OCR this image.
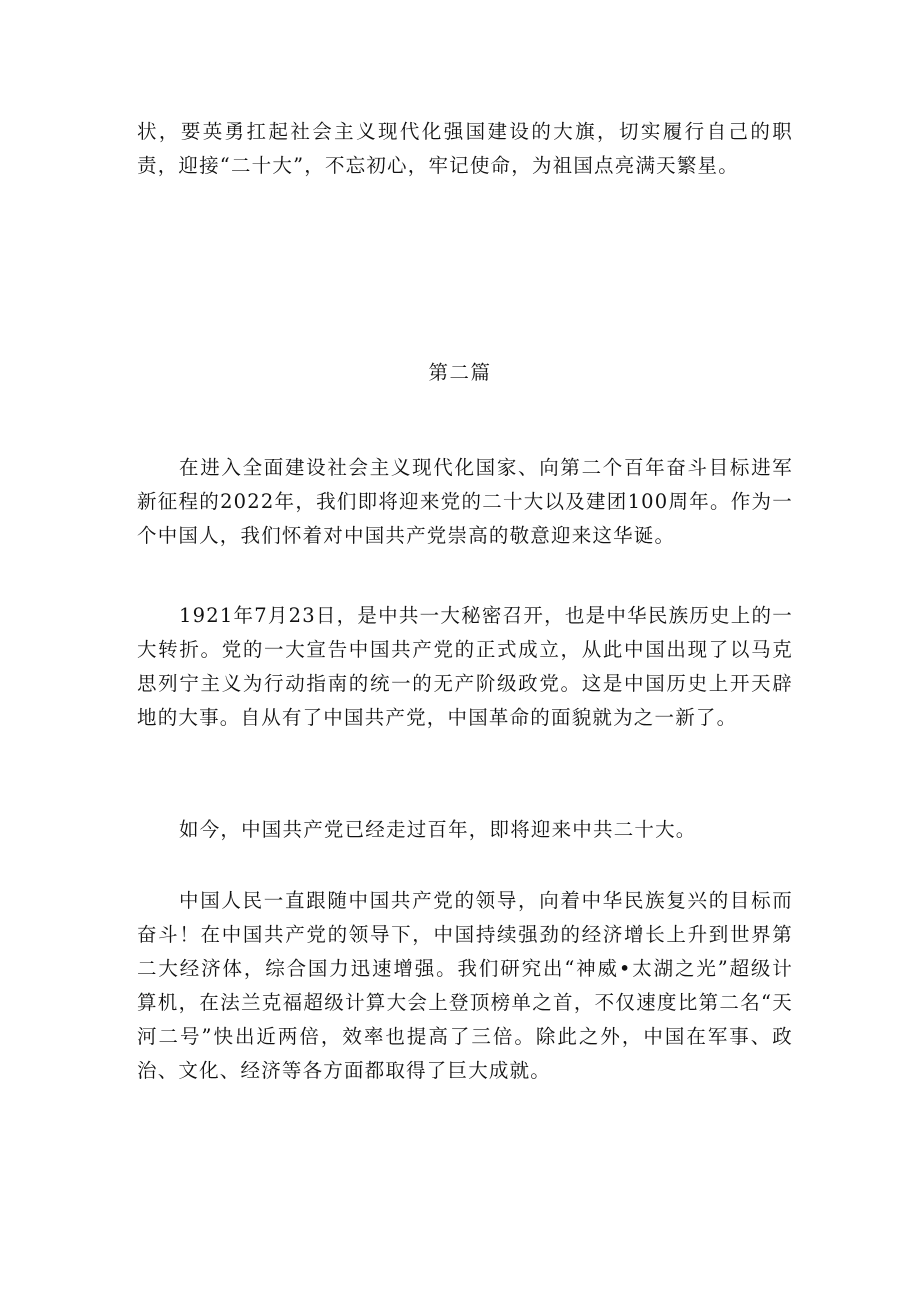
状，要英勇扛起社会主义现代化强国建设的大旗，切实履行自己的职责，迎接“二十大”，不忘初心，牢记使命，为祖国点亮满天繁星。

第二篇

在进入全面建设社会主义现代化国家、向第二个百年奋斗目标进军新征程的2022年，我们即将迎来党的二十大以及建团100周年。作为一个中国人，我们怀着对中国共产党崇高的敬意迎来这华诞。

1921年7月23日，是中共一大秘密召开，也是中华民族历史上的一大转折。党的一大宣告中国共产党的正式成立，从此中国出现了以马克思列宁主义为行动指南的统一的无产阶级政党。这是中国历史上开天辟地的大事。自从有了中国共产党，中国革命的面貌就为之一新了。

如今，中国共产党已经走过百年，即将迎来中共二十大。

中国人民一直跟随中国共产党的领导，向着中华民族复兴的目标而奋斗！在中国共产党的领导下，中国持续强劲的经济增长上升到世界第二大经济体，综合国力迅速增强。我们研究出“神威•太湖之光”超级计算机，在法兰克福超级计算大会上登顶榜单之首，不仅速度比第二名“天河二号”快出近两倍，效率也提高了三倍。除此之外，中国在军事、政治、文化、经济等各方面都取得了巨大成就。
